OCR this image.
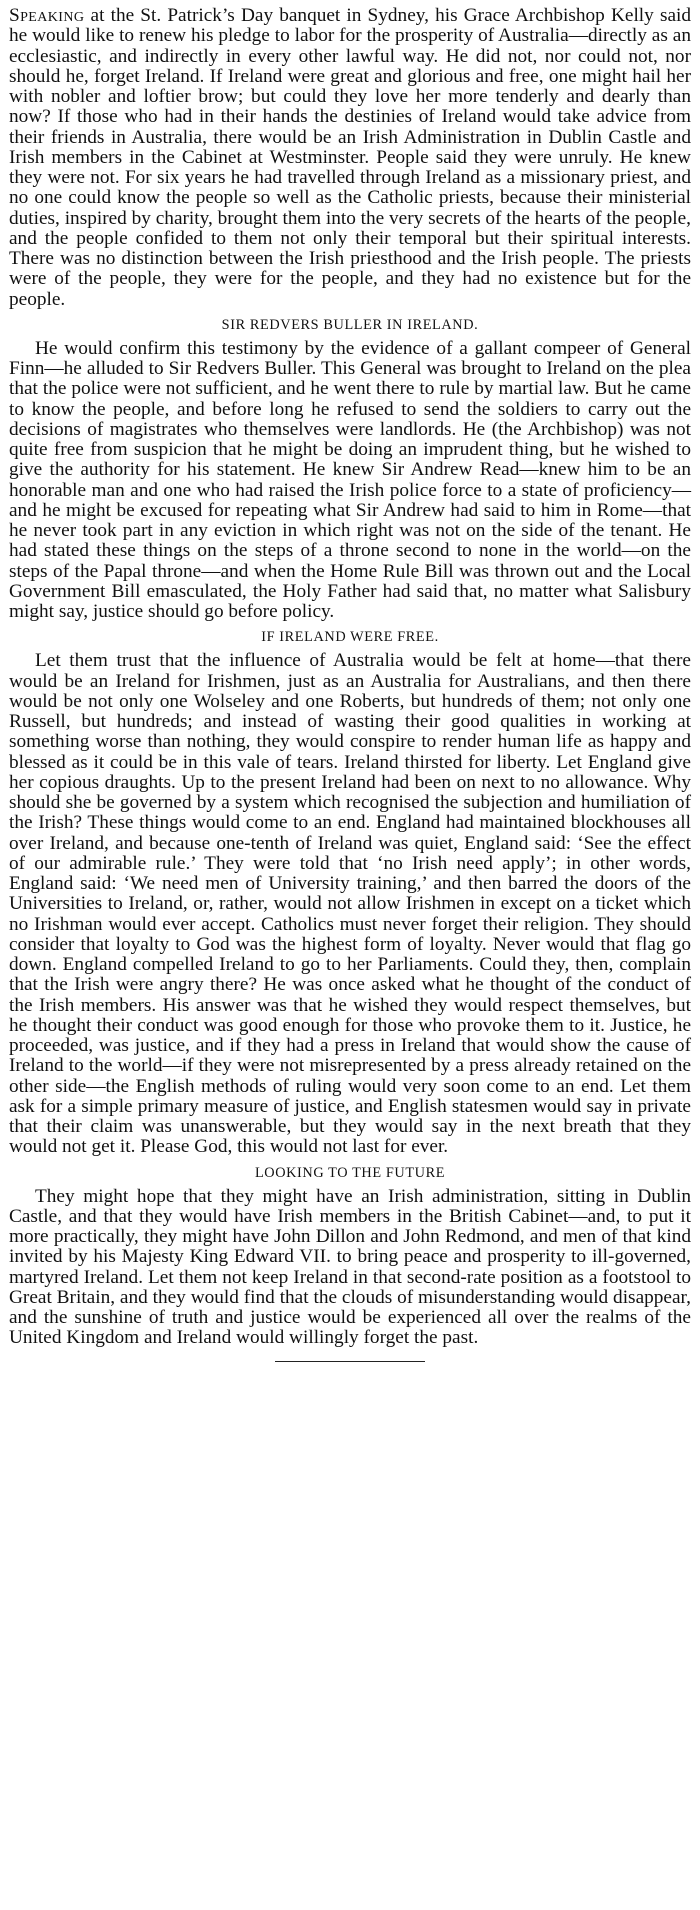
Speaking at the St. Patrick’s Day banquet in Sydney, his Grace Archbishop Kelly said he would like to renew his pledge to labor for the prosperity of Australia—directly as an ecclesiastic, and indirectly in every other lawful way. He did not, nor could not, nor should he, forget Ireland. If Ireland were great and glorious and free, one might hail her with nobler and loftier brow; but could they love her more tenderly and dearly than now? If those who had in their hands the destinies of Ireland would take advice from their friends in Australia, there would be an Irish Administration in Dublin Castle and Irish members in the Cabinet at Westminster. People said they were unruly. He knew they were not. For six years he had travelled through Ireland as a missionary priest, and no one could know the people so well as the Catholic priests, because their ministerial duties, inspired by charity, brought them into the very secrets of the hearts of the people, and the people confided to them not only their temporal but their spiritual interests. There was no distinction between the Irish priesthood and the Irish people. The priests were of the people, they were for the people, and they had no existence but for the people.

SIR REDVERS BULLER IN IRELAND.

He would confirm this testimony by the evidence of a gallant compeer of General Finn—he alluded to Sir Redvers Buller. This General was brought to Ireland on the plea that the police were not sufficient, and he went there to rule by martial law. But he came to know the people, and before long he refused to send the soldiers to carry out the decisions of magistrates who themselves were landlords. He (the Archbishop) was not quite free from suspicion that he might be doing an imprudent thing, but he wished to give the authority for his statement. He knew Sir Andrew Read—knew him to be an honorable man and one who had raised the Irish police force to a state of proficiency—and he might be excused for repeating what Sir Andrew had said to him in Rome—that he never took part in any eviction in which right was not on the side of the tenant. He had stated these things on the steps of a throne second to none in the world—on the steps of the Papal throne—and when the Home Rule Bill was thrown out and the Local Government Bill emasculated, the Holy Father had said that, no matter what Salisbury might say, justice should go before policy.

IF IRELAND WERE FREE.

Let them trust that the influence of Australia would be felt at home—that there would be an Ireland for Irishmen, just as an Australia for Australians, and then there would be not only one Wolseley and one Roberts, but hundreds of them; not only one Russell, but hundreds; and instead of wasting their good qualities in working at something worse than nothing, they would conspire to render human life as happy and blessed as it could be in this vale of tears. Ireland thirsted for liberty. Let England give her copious draughts. Up to the present Ireland had been on next to no allowance. Why should she be governed by a system which recognised the subjection and humiliation of the Irish? These things would come to an end. England had maintained blockhouses all over Ireland, and because one-tenth of Ireland was quiet, England said: ‘See the effect of our admirable rule.’ They were told that ‘no Irish need apply’; in other words, England said: ‘We need men of University training,’ and then barred the doors of the Universities to Ireland, or, rather, would not allow Irishmen in except on a ticket which no Irishman would ever accept. Catholics must never forget their religion. They should consider that loyalty to God was the highest form of loyalty. Never would that flag go down. England compelled Ireland to go to her Parliaments. Could they, then, complain that the Irish were angry there? He was once asked what he thought of the conduct of the Irish members. His answer was that he wished they would respect themselves, but he thought their conduct was good enough for those who provoke them to it. Justice, he proceeded, was justice, and if they had a press in Ireland that would show the cause of Ireland to the world—if they were not misrepresented by a press already retained on the other side—the English methods of ruling would very soon come to an end. Let them ask for a simple primary measure of justice, and English statesmen would say in private that their claim was unanswerable, but they would say in the next breath that they would not get it. Please God, this would not last for ever.

LOOKING TO THE FUTURE

They might hope that they might have an Irish administration, sitting in Dublin Castle, and that they would have Irish members in the British Cabinet—and, to put it more practically, they might have John Dillon and John Redmond, and men of that kind invited by his Majesty King Edward VII. to bring peace and prosperity to ill-governed, martyred Ireland. Let them not keep Ireland in that second-rate position as a footstool to Great Britain, and they would find that the clouds of misunderstanding would disappear, and the sunshine of truth and justice would be experienced all over the realms of the United Kingdom and Ireland would willingly forget the past.
